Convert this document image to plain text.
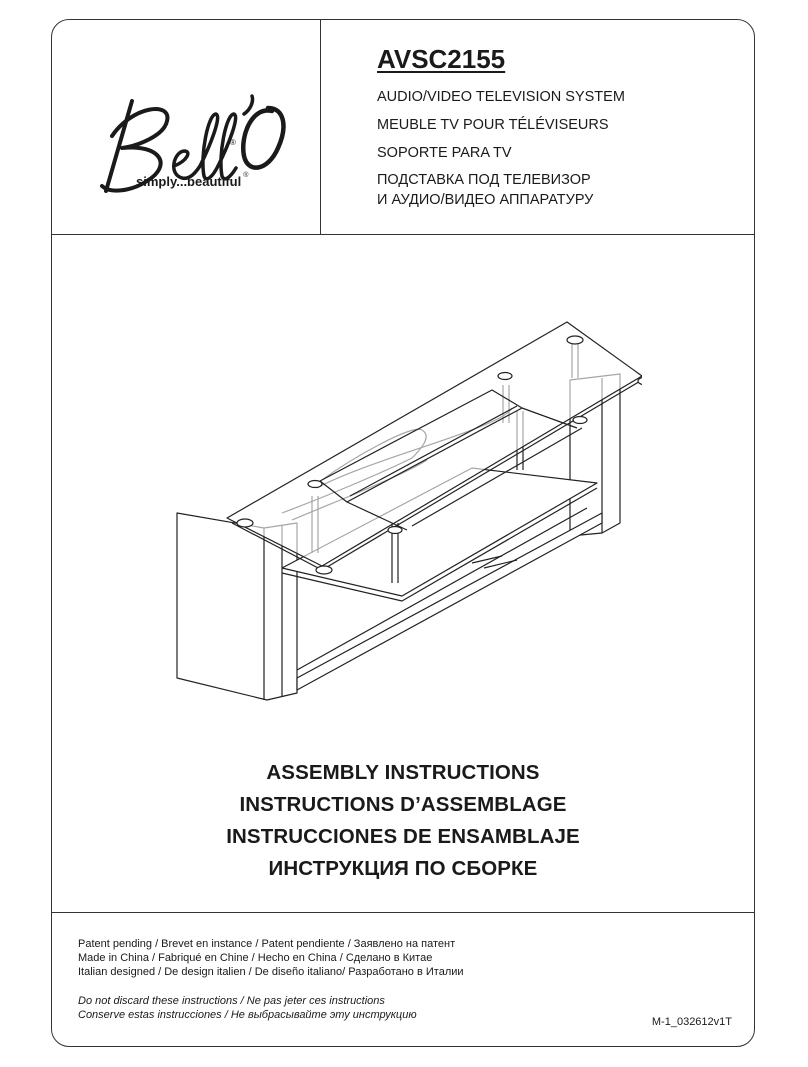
®
simply...beautiful ®
AVSC2155
AUDIO/VIDEO TELEVISION SYSTEM
MEUBLE TV POUR TÉLÉVISEURS
SOPORTE PARA TV
ПОДСТАВКА ПОД ТЕЛЕВИЗОР
И АУДИО/ВИДЕО АППАРАТУРУ
ASSEMBLY INSTRUCTIONS
INSTRUCTIONS D’ASSEMBLAGE
INSTRUCCIONES DE ENSAMBLAJE
ИНСТРУКЦИЯ ПО СБОРКЕ
Patent pending / Brevet en instance / Patent pendiente / Заявлено на патент
Made in China / Fabriqué en Chine / Hecho en China / Сделано в Китае
Italian designed / De design italien / De diseño italiano/ Разработано в Италии
Do not discard these instructions / Ne pas jeter ces instructions
Conserve estas instrucciones / Не выбрасывайте эту инструкцию
M-1_032612v1T
